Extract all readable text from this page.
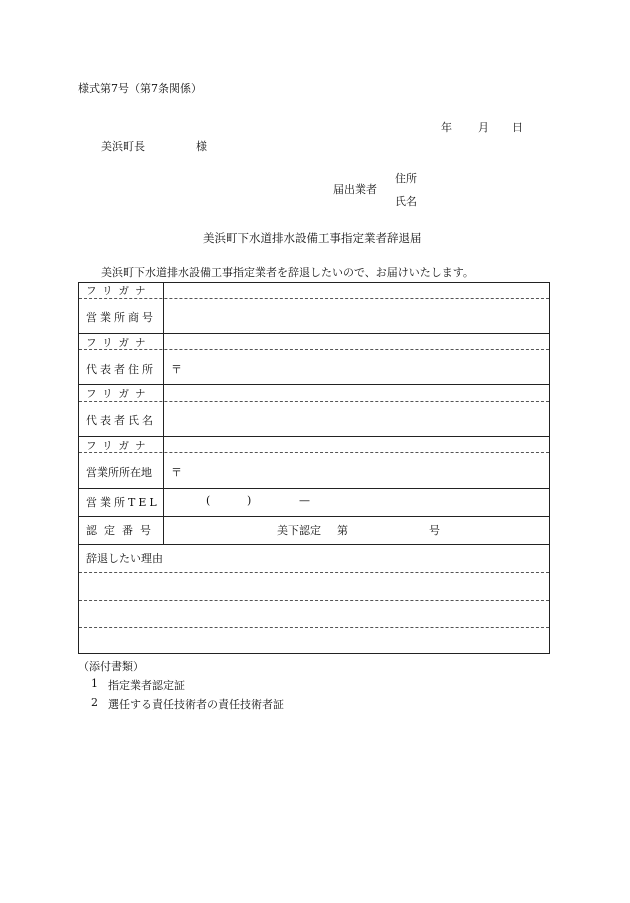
様式第7号（第7条関係）
年 月 日
美浜町長	様
届出業者
住所
氏名
美浜町下水道排水設備工事指定業者辞退届
美浜町下水道排水設備工事指定業者を辞退したいので、お届けいたします。
フリガナ
営業所商号
フリガナ
代表者住所 〒
フリガナ
代表者氏名
フリガナ
営業所所在地 〒
営業所TEL	(	)	—
認定番号	美下認定 第	号
辞退したい理由
（添付書類）
1 指定業者認定証
2 選任する責任技術者の責任技術者証
